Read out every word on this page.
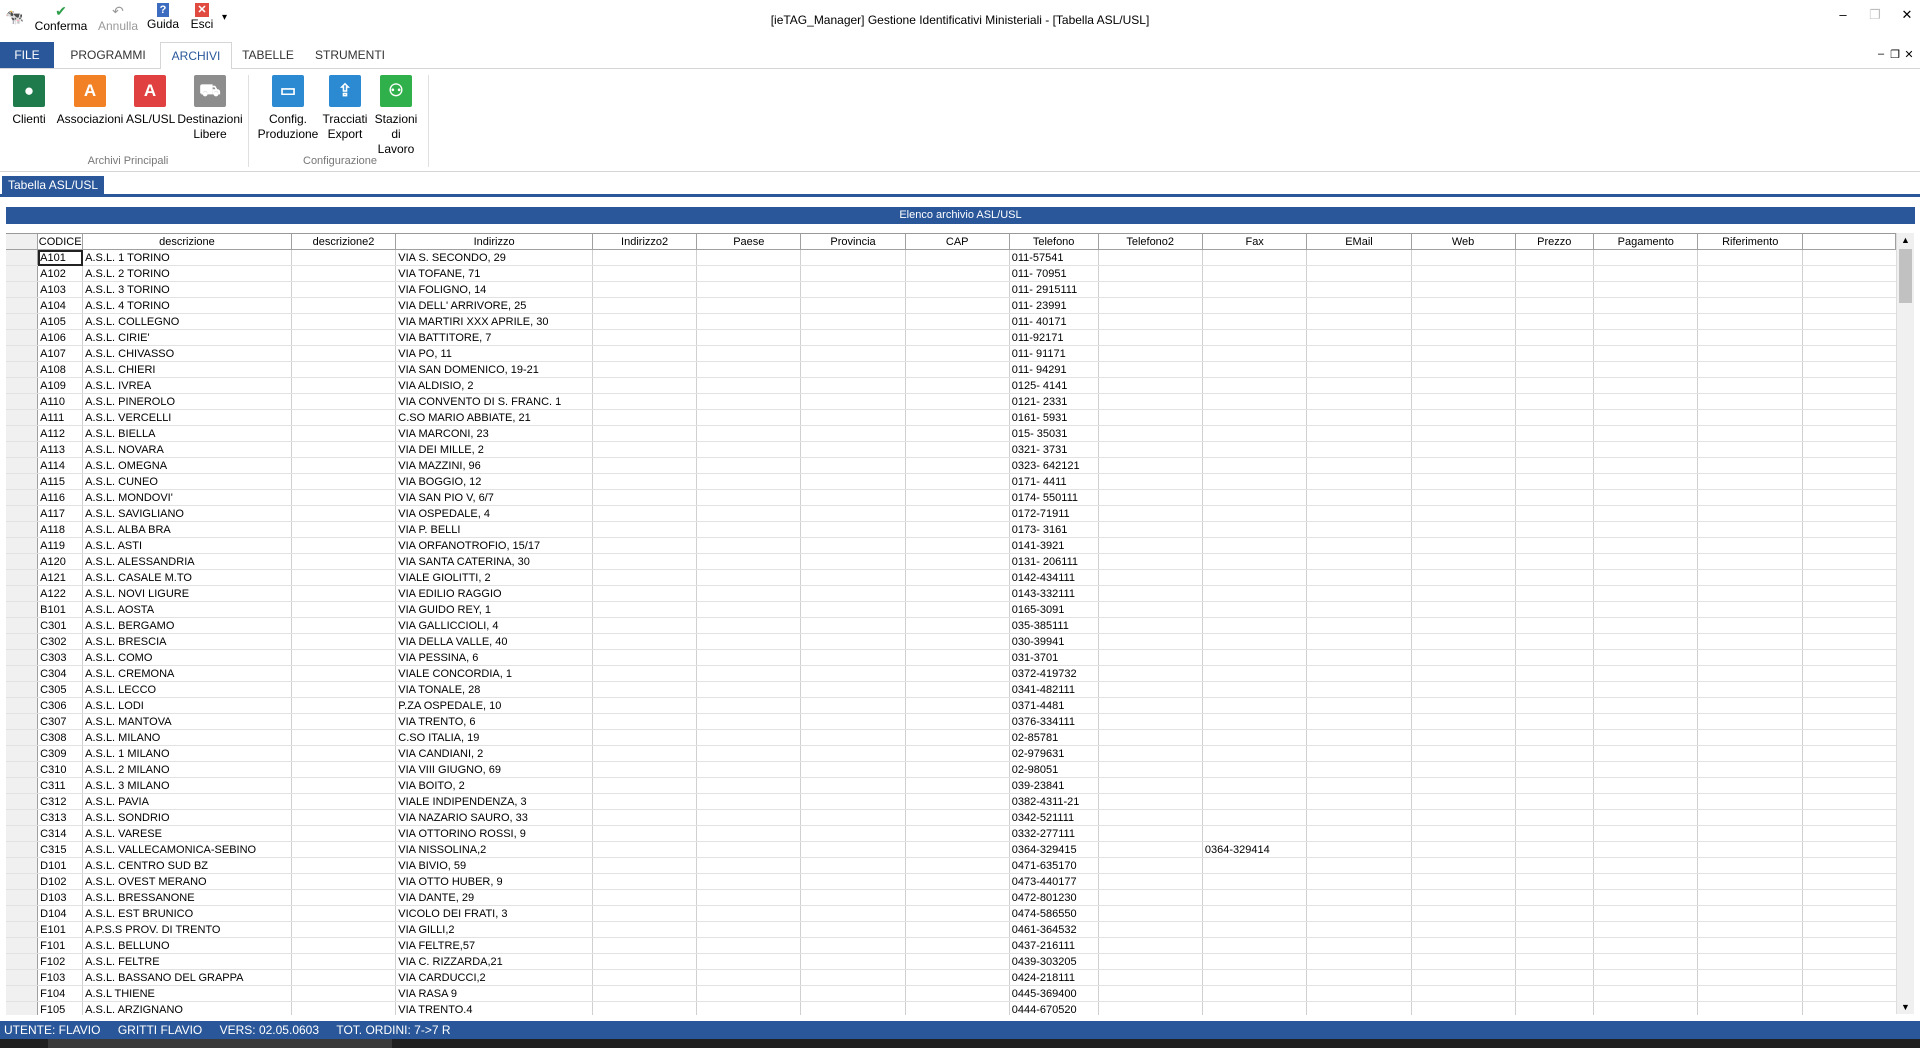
🐄	✔
Conferma
↶
Annulla
?
Guida
✕
Esci ▾	[ieTAG_Manager] Gestione Identificativi Ministeriali - [Tabella ASL/USL]	–	❐	✕
FILE	PROGRAMMI	ARCHIVI	TABELLE	STRUMENTI	– ❐ ✕
●
Clienti
A
Associazioni
A
ASL/USL
⛟
Destinazioni
Libere
▭
Config.
Produzione
⇪
Tracciati
Export
⚇
Stazioni
di Lavoro
Archivi Principali	Configurazione
Tabella ASL/USL
Elenco archivio ASL/USL
	CODICE	descrizione	descrizione2	Indirizzo	Indirizzo2	Paese	Provincia	CAP	Telefono	Telefono2	Fax	EMail	Web	Prezzo	Pagamento	Riferimento	
	A101	A.S.L. 1 TORINO		VIA S. SECONDO, 29					011-57541								
	A102	A.S.L. 2 TORINO		VIA TOFANE, 71					011- 70951								
	A103	A.S.L. 3 TORINO		VIA FOLIGNO, 14					011- 2915111								
	A104	A.S.L. 4 TORINO		VIA DELL' ARRIVORE, 25					011- 23991								
	A105	A.S.L. COLLEGNO		VIA MARTIRI XXX APRILE, 30					011- 40171								
	A106	A.S.L. CIRIE'		VIA BATTITORE, 7					011-92171								
	A107	A.S.L. CHIVASSO		VIA PO, 11					011- 91171								
	A108	A.S.L. CHIERI		VIA SAN DOMENICO, 19-21					011- 94291								
	A109	A.S.L. IVREA		VIA ALDISIO, 2					0125- 4141								
	A110	A.S.L. PINEROLO		VIA CONVENTO DI S. FRANC. 1					0121- 2331								
	A111	A.S.L. VERCELLI		C.SO MARIO ABBIATE, 21					0161- 5931								
	A112	A.S.L. BIELLA		VIA MARCONI, 23					015- 35031								
	A113	A.S.L. NOVARA		VIA DEI MILLE, 2					0321- 3731								
	A114	A.S.L. OMEGNA		VIA MAZZINI, 96					0323- 642121								
	A115	A.S.L. CUNEO		VIA BOGGIO, 12					0171- 4411								
	A116	A.S.L. MONDOVI'		VIA SAN PIO V, 6/7					0174- 550111								
	A117	A.S.L. SAVIGLIANO		VIA OSPEDALE, 4					0172-71911								
	A118	A.S.L. ALBA BRA		VIA P. BELLI					0173- 3161								
	A119	A.S.L. ASTI		VIA ORFANOTROFIO, 15/17					0141-3921								
	A120	A.S.L. ALESSANDRIA		VIA SANTA CATERINA, 30					0131- 206111								
	A121	A.S.L. CASALE M.TO		VIALE GIOLITTI, 2					0142-434111								
	A122	A.S.L. NOVI LIGURE		VIA EDILIO RAGGIO					0143-332111								
	B101	A.S.L. AOSTA		VIA GUIDO REY, 1					0165-3091								
	C301	A.S.L. BERGAMO		VIA GALLICCIOLI, 4					035-385111								
	C302	A.S.L. BRESCIA		VIA DELLA VALLE, 40					030-39941								
	C303	A.S.L. COMO		VIA PESSINA, 6					031-3701								
	C304	A.S.L. CREMONA		VIALE CONCORDIA, 1					0372-419732								
	C305	A.S.L. LECCO		VIA TONALE, 28					0341-482111								
	C306	A.S.L. LODI		P.ZA OSPEDALE, 10					0371-4481								
	C307	A.S.L. MANTOVA		VIA TRENTO, 6					0376-334111								
	C308	A.S.L. MILANO		C.SO ITALIA, 19					02-85781								
	C309	A.S.L. 1 MILANO		VIA CANDIANI, 2					02-979631								
	C310	A.S.L. 2 MILANO		VIA VIII GIUGNO, 69					02-98051								
	C311	A.S.L. 3 MILANO		VIA BOITO, 2					039-23841								
	C312	A.S.L. PAVIA		VIALE INDIPENDENZA, 3					0382-4311-21								
	C313	A.S.L. SONDRIO		VIA NAZARIO SAURO, 33					0342-521111								
	C314	A.S.L. VARESE		VIA OTTORINO ROSSI, 9					0332-277111								
	C315	A.S.L. VALLECAMONICA-SEBINO		VIA NISSOLINA,2					0364-329415		0364-329414						
	D101	A.S.L. CENTRO SUD BZ		VIA BIVIO, 59					0471-635170								
	D102	A.S.L. OVEST MERANO		VIA OTTO HUBER, 9					0473-440177								
	D103	A.S.L. BRESSANONE		VIA DANTE, 29					0472-801230								
	D104	A.S.L. EST BRUNICO		VICOLO DEI FRATI, 3					0474-586550								
	E101	A.P.S.S PROV. DI TRENTO		VIA GILLI,2					0461-364532								
	F101	A.S.L. BELLUNO		VIA FELTRE,57					0437-216111								
	F102	A.S.L. FELTRE		VIA C. RIZZARDA,21					0439-303205								
	F103	A.S.L. BASSANO DEL GRAPPA		VIA CARDUCCI,2					0424-218111								
	F104	A.S.L THIENE		VIA RASA 9					0445-369400								
	F105	A.S.L. ARZIGNANO		VIA TRENTO.4					0444-670520								
▲
▼
UTENTE: FLAVIO GRITTI FLAVIO VERS: 02.05.0603 TOT. ORDINI: 7->7 R
